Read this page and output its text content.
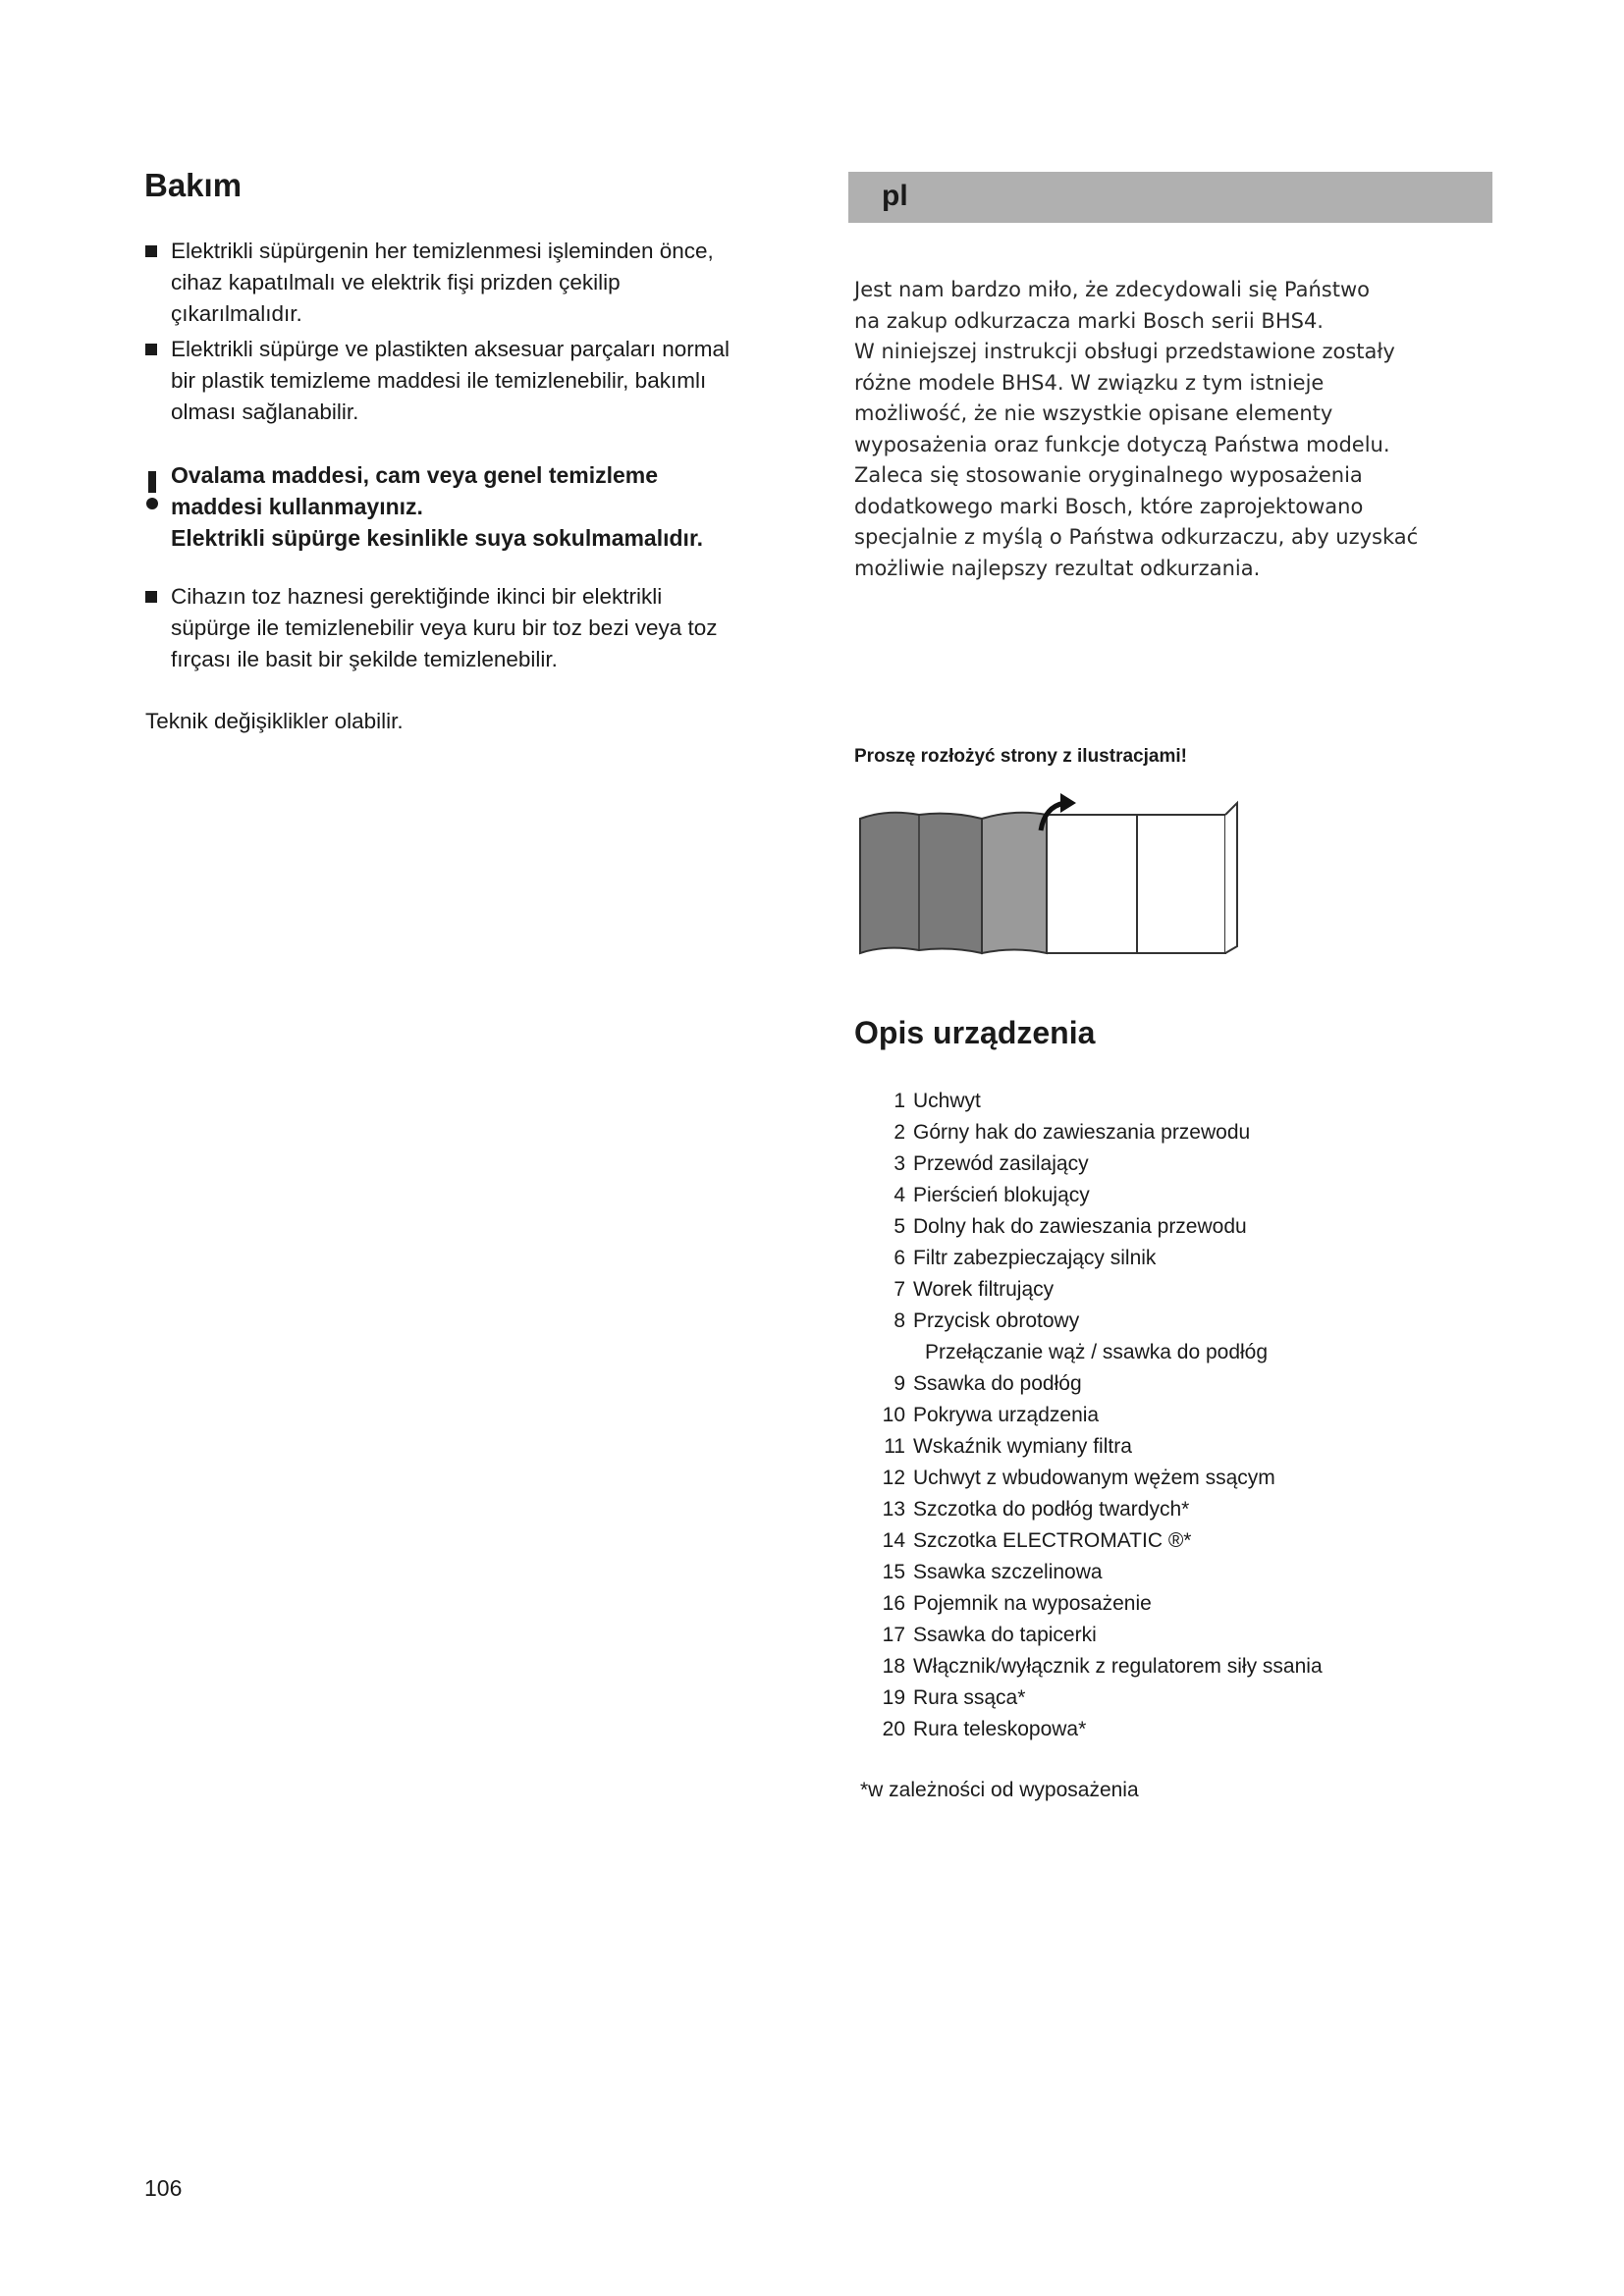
Bakım
Elektrikli süpürgenin her temizlenmesi işleminden önce,
cihaz kapatılmalı ve elektrik fişi prizden çekilip
çıkarılmalıdır.
Elektrikli süpürge ve plastikten aksesuar parçaları normal
bir plastik temizleme maddesi ile temizlenebilir, bakımlı
olması sağlanabilir.
Ovalama maddesi, cam veya genel temizleme
maddesi kullanmayınız.
Elektrikli süpürge kesinlikle suya sokulmamalıdır.
Cihazın toz haznesi gerektiğinde ikinci bir elektrikli
süpürge ile temizlenebilir veya kuru bir toz bezi veya toz
fırçası ile basit bir şekilde temizlenebilir.
Teknik değişiklikler olabilir.
106
pl
Jest nam bardzo miło, że zdecydowali się Państwo
na zakup odkurzacza marki Bosch serii BHS4.
W niniejszej instrukcji obsługi przedstawione zostały
różne modele BHS4. W związku z tym istnieje
możliwość, że nie wszystkie opisane elementy
wyposażenia oraz funkcje dotyczą Państwa modelu.
Zaleca się stosowanie oryginalnego wyposażenia
dodatkowego marki Bosch, które zaprojektowano
specjalnie z myślą o Państwa odkurzaczu, aby uzyskać
możliwie najlepszy rezultat odkurzania.
Proszę rozłożyć strony z ilustracjami!
Opis urządzenia
1 Uchwyt
2 Górny hak do zawieszania przewodu
3 Przewód zasilający
4 Pierścień blokujący
5 Dolny hak do zawieszania przewodu
6 Filtr zabezpieczający silnik
7 Worek filtrujący
8 Przycisk obrotowy
Przełączanie wąż / ssawka do podłóg
9 Ssawka do podłóg
10 Pokrywa urządzenia
11 Wskaźnik wymiany filtra
12 Uchwyt z wbudowanym wężem ssącym
13 Szczotka do podłóg twardych*
14 Szczotka ELECTROMATIC ®*
15 Ssawka szczelinowa
16 Pojemnik na wyposażenie
17 Ssawka do tapicerki
18 Włącznik/wyłącznik z regulatorem siły ssania
19 Rura ssąca*
20 Rura teleskopowa*
*w zależności od wyposażenia
